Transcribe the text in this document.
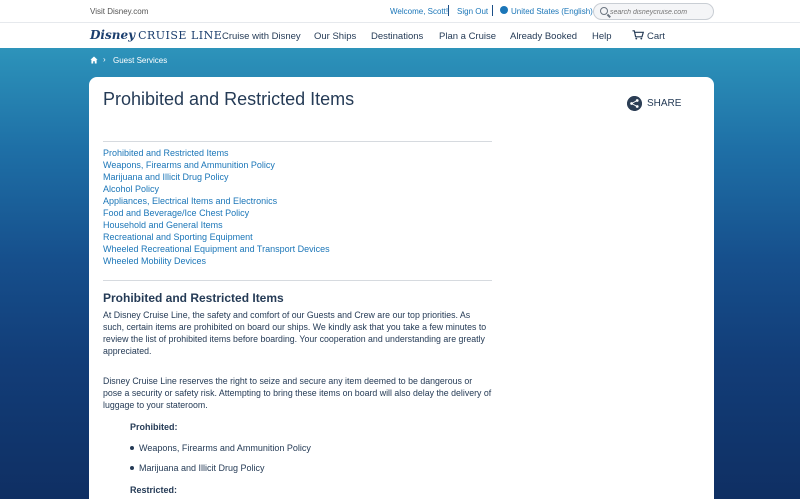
Visit Disney.com	Welcome, Scott! Sign Out	United States (English)
search disneycruise.com
Disney CRUISE LINE Cruise with Disney Our Ships Destinations Plan a Cruise Already Booked Help	Cart
› Guest Services
Prohibited and Restricted Items	SHARE
Prohibited and Restricted Items
Weapons, Firearms and Ammunition Policy
Marijuana and Illicit Drug Policy
Alcohol Policy
Appliances, Electrical Items and Electronics
Food and Beverage/Ice Chest Policy
Household and General Items
Recreational and Sporting Equipment
Wheeled Recreational Equipment and Transport Devices
Wheeled Mobility Devices
Prohibited and Restricted Items

At Disney Cruise Line, the safety and comfort of our Guests and Crew are our top priorities. As such, certain items are prohibited on board our ships. We kindly ask that you take a few minutes to review the list of prohibited items before boarding. Your cooperation and understanding are greatly appreciated.

Disney Cruise Line reserves the right to seize and secure any item deemed to be dangerous or pose a security or safety risk. Attempting to bring these items on board will also delay the delivery of luggage to your stateroom.

Prohibited:
Weapons, Firearms and Ammunition Policy
Marijuana and Illicit Drug Policy
Restricted:
